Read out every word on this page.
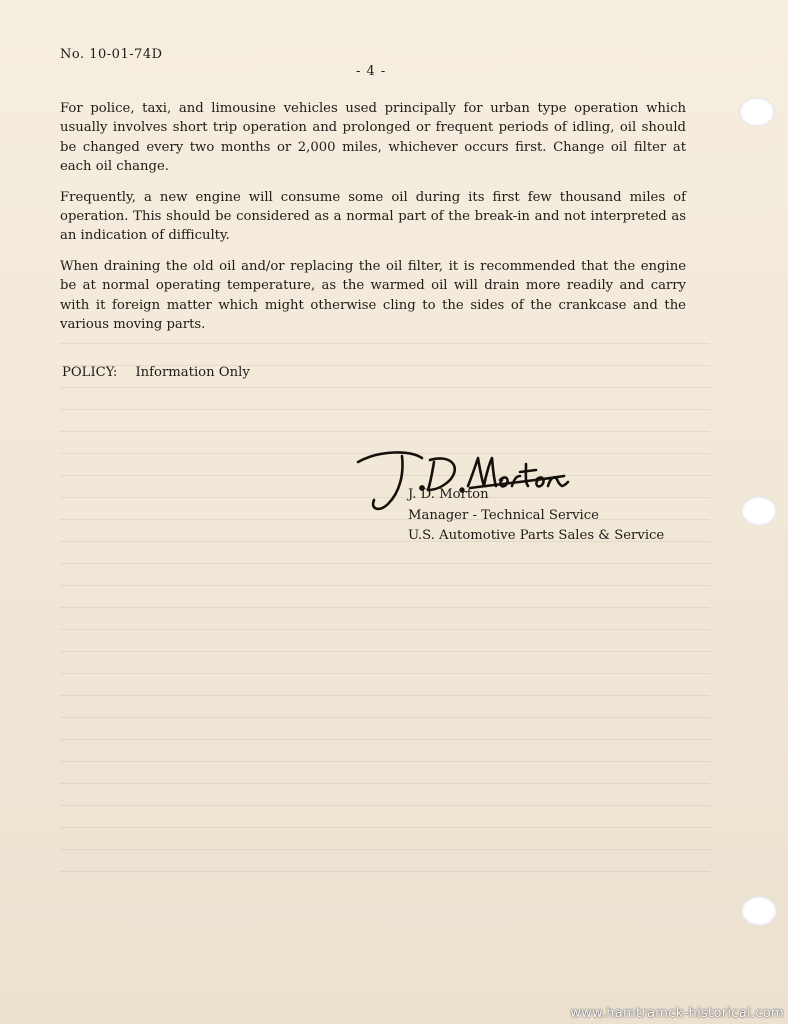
No. 10-01-74D
- 4 -

For police, taxi, and limousine vehicles used principally for urban type operation which usually involves short trip operation and prolonged or frequent periods of idling, oil should be changed every two months or 2,000 miles, whichever occurs first. Change oil filter at each oil change.

Frequently, a new engine will consume some oil during its first few thousand miles of operation. This should be considered as a normal part of the break-in and not interpreted as an indication of difficulty.

When draining the old oil and/or replacing the oil filter, it is recommended that the engine be at normal operating temperature, as the warmed oil will drain more readily and carry with it foreign matter which might otherwise cling to the sides of the crankcase and the various moving parts.

POLICY: Information Only
J. D. Morton
Manager - Technical Service
U.S. Automotive Parts Sales & Service
www.hamtramck-historical.com
